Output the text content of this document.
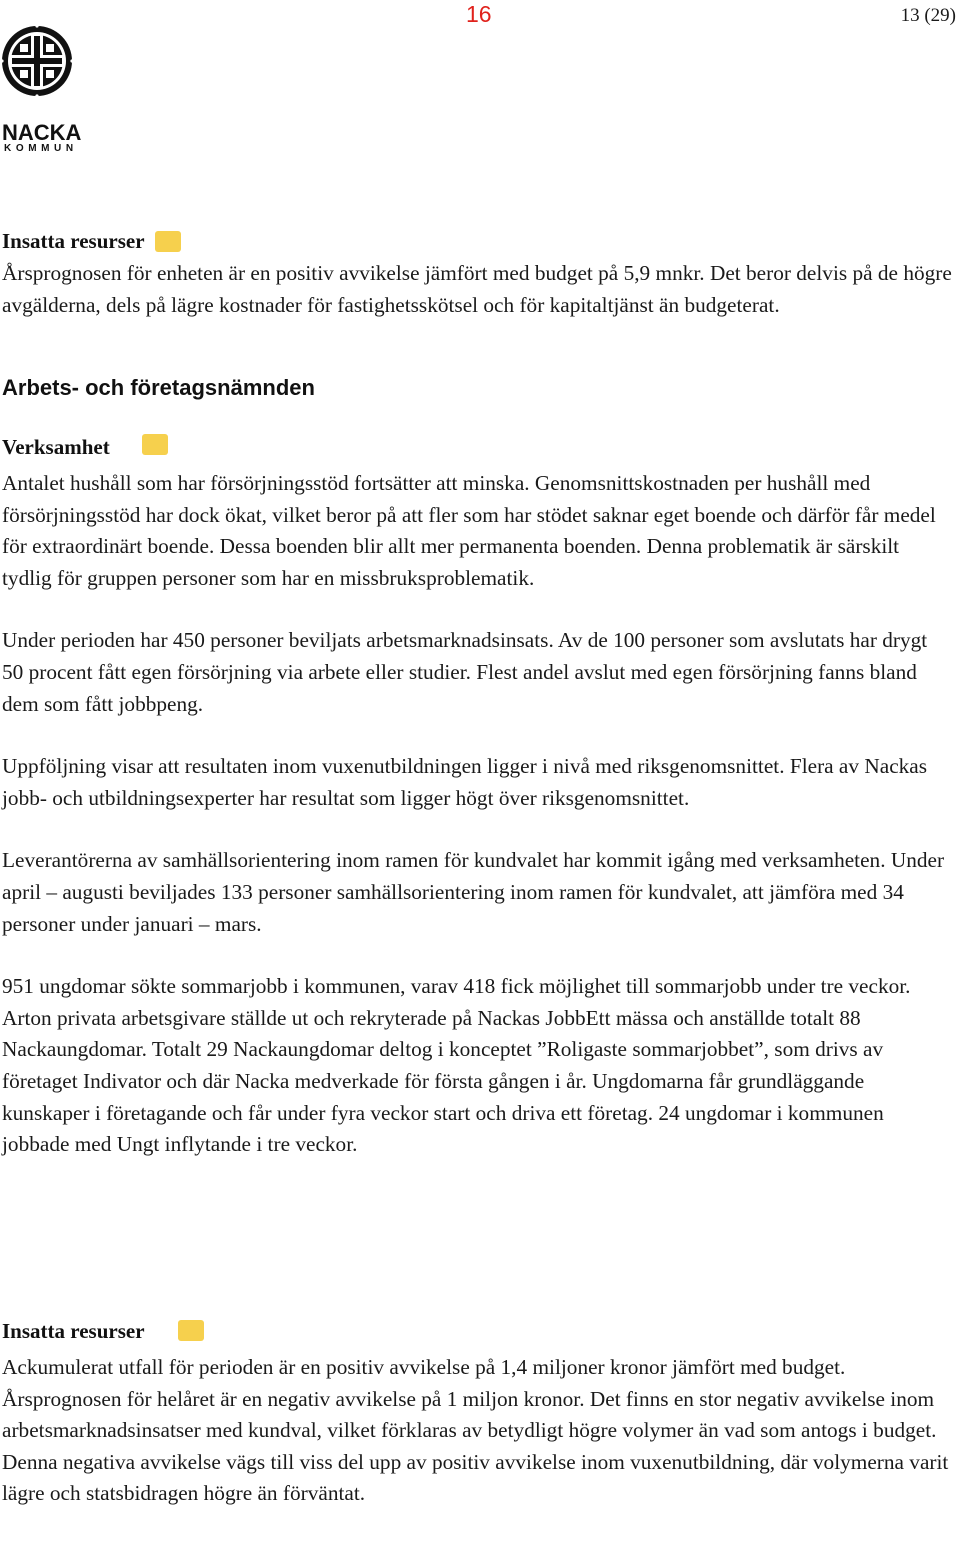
16	13 (29)
NACKA
KOMMUN
Insatta resurser

Årsprognosen för enheten är en positiv avvikelse jämfört med budget på 5,9 mnkr. Det beror delvis på de högre avgälderna, dels på lägre kostnader för fastighetsskötsel och för kapitaltjänst än budgeterat.

Arbets- och företagsnämnden
Verksamhet

Antalet hushåll som har försörjningsstöd fortsätter att minska. Genomsnittskostnaden per hushåll med försörjningsstöd har dock ökat, vilket beror på att fler som har stödet saknar eget boende och därför får medel för extraordinärt boende. Dessa boenden blir allt mer permanenta boenden. Denna problematik är särskilt tydlig för gruppen personer som har en missbruksproblematik.

Under perioden har 450 personer beviljats arbetsmarknadsinsats. Av de 100 personer som avslutats har drygt 50 procent fått egen försörjning via arbete eller studier. Flest andel avslut med egen försörjning fanns bland dem som fått jobbpeng.

Uppföljning visar att resultaten inom vuxenutbildningen ligger i nivå med riksgenomsnittet. Flera av Nackas jobb- och utbildningsexperter har resultat som ligger högt över riksgenomsnittet.

Leverantörerna av samhällsorientering inom ramen för kundvalet har kommit igång med verksamheten. Under april – augusti beviljades 133 personer samhällsorientering inom ramen för kundvalet, att jämföra med 34 personer under januari – mars.

951 ungdomar sökte sommarjobb i kommunen, varav 418 fick möjlighet till sommarjobb under tre veckor. Arton privata arbetsgivare ställde ut och rekryterade på Nackas JobbEtt mässa och anställde totalt 88 Nackaungdomar. Totalt 29 Nackaungdomar deltog i konceptet ”Roligaste sommarjobbet”, som drivs av företaget Indivator och där Nacka medverkade för första gången i år. Ungdomarna får grundläggande kunskaper i företagande och får under fyra veckor start och driva ett företag. 24 ungdomar i kommunen jobbade med Ungt inflytande i tre veckor.

Insatta resurser

Ackumulerat utfall för perioden är en positiv avvikelse på 1,4 miljoner kronor jämfört med budget. Årsprognosen för helåret är en negativ avvikelse på 1 miljon kronor. Det finns en stor negativ avvikelse inom arbetsmarknadsinsatser med kundval, vilket förklaras av betydligt högre volymer än vad som antogs i budget. Denna negativa avvikelse vägs till viss del upp av positiv avvikelse inom vuxenutbildning, där volymerna varit lägre och statsbidragen högre än förväntat.
